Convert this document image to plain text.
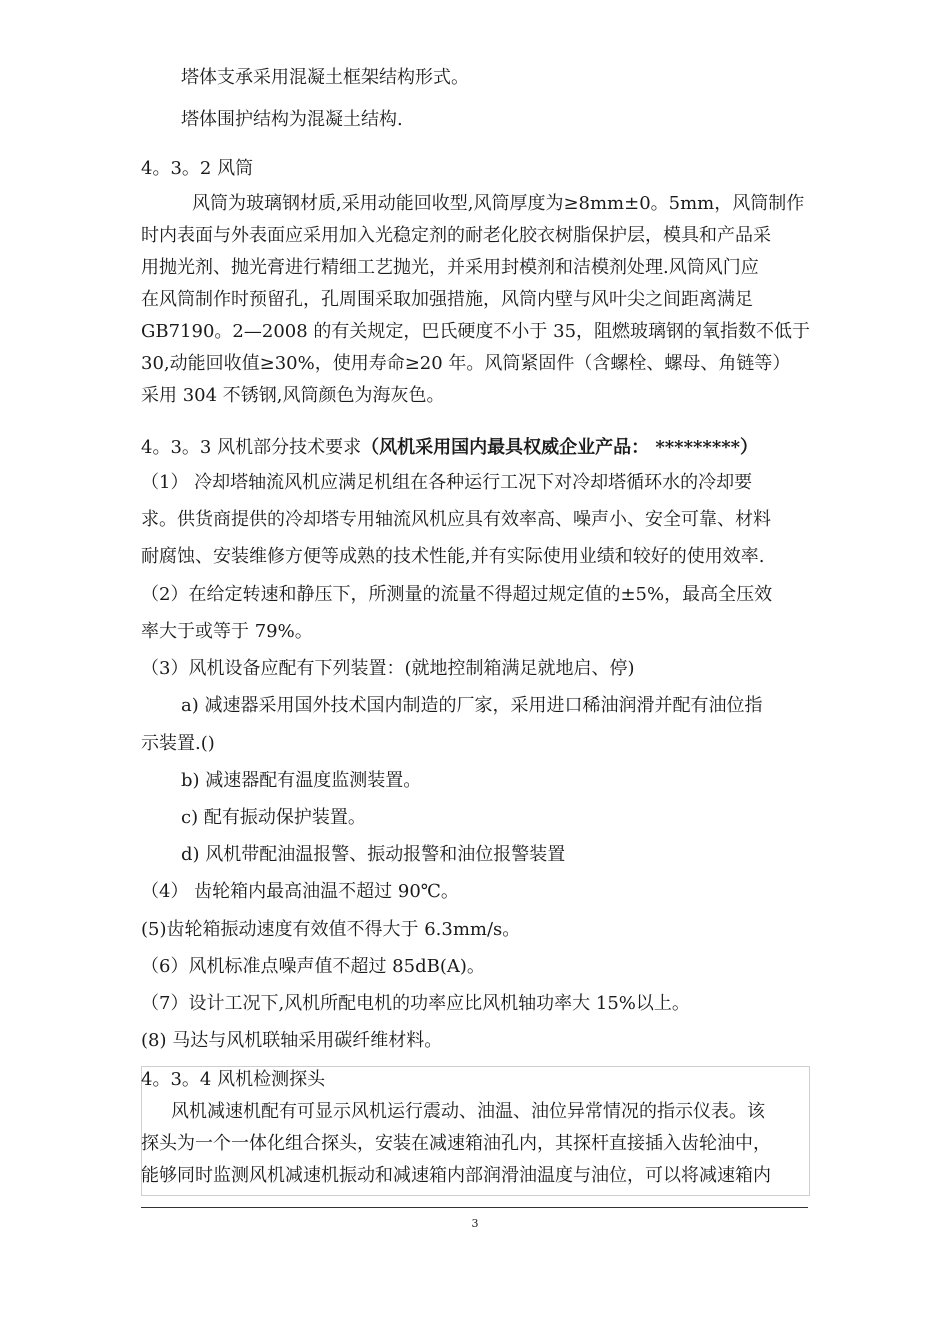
塔体支承采用混凝土框架结构形式。
塔体围护结构为混凝土结构.
4。3。2 风筒
风筒为玻璃钢材质,采用动能回收型,风筒厚度为≥8mm±0。5mm，风筒制作
时内表面与外表面应采用加入光稳定剂的耐老化胶衣树脂保护层，模具和产品采
用抛光剂、抛光膏进行精细工艺抛光，并采用封模剂和洁模剂处理.风筒风门应
在风筒制作时预留孔，孔周围采取加强措施，风筒内壁与风叶尖之间距离满足
GB7190。2—2008 的有关规定，巴氏硬度不小于 35，阻燃玻璃钢的氧指数不低于
30,动能回收值≥30%，使用寿命≥20 年。风筒紧固件（含螺栓、螺母、角链等）
采用 304 不锈钢,风筒颜色为海灰色。
4。3。3 风机部分技术要求（风机采用国内最具权威企业产品： *********）
（1） 冷却塔轴流风机应满足机组在各种运行工况下对冷却塔循环水的冷却要
求。供货商提供的冷却塔专用轴流风机应具有效率高、噪声小、安全可靠、材料
耐腐蚀、安装维修方便等成熟的技术性能,并有实际使用业绩和较好的使用效率.
（2）在给定转速和静压下，所测量的流量不得超过规定值的±5%，最高全压效
率大于或等于 79%。
（3）风机设备应配有下列装置：(就地控制箱满足就地启、停)
a) 减速器采用国外技术国内制造的厂家，采用进口稀油润滑并配有油位指
示装置.()
b) 减速器配有温度监测装置。
c) 配有振动保护装置。
d) 风机带配油温报警、振动报警和油位报警装置
（4） 齿轮箱内最高油温不超过 90℃。
(5)齿轮箱振动速度有效值不得大于 6.3mm/s。
（6）风机标准点噪声值不超过 85dB(A)。
（7）设计工况下,风机所配电机的功率应比风机轴功率大 15%以上。
(8) 马达与风机联轴采用碳纤维材料。
4。3。4 风机检测探头
风机减速机配有可显示风机运行震动、油温、油位异常情况的指示仪表。该
探头为一个一体化组合探头，安装在减速箱油孔内，其探杆直接插入齿轮油中，
能够同时监测风机减速机振动和减速箱内部润滑油温度与油位，可以将减速箱内
3
